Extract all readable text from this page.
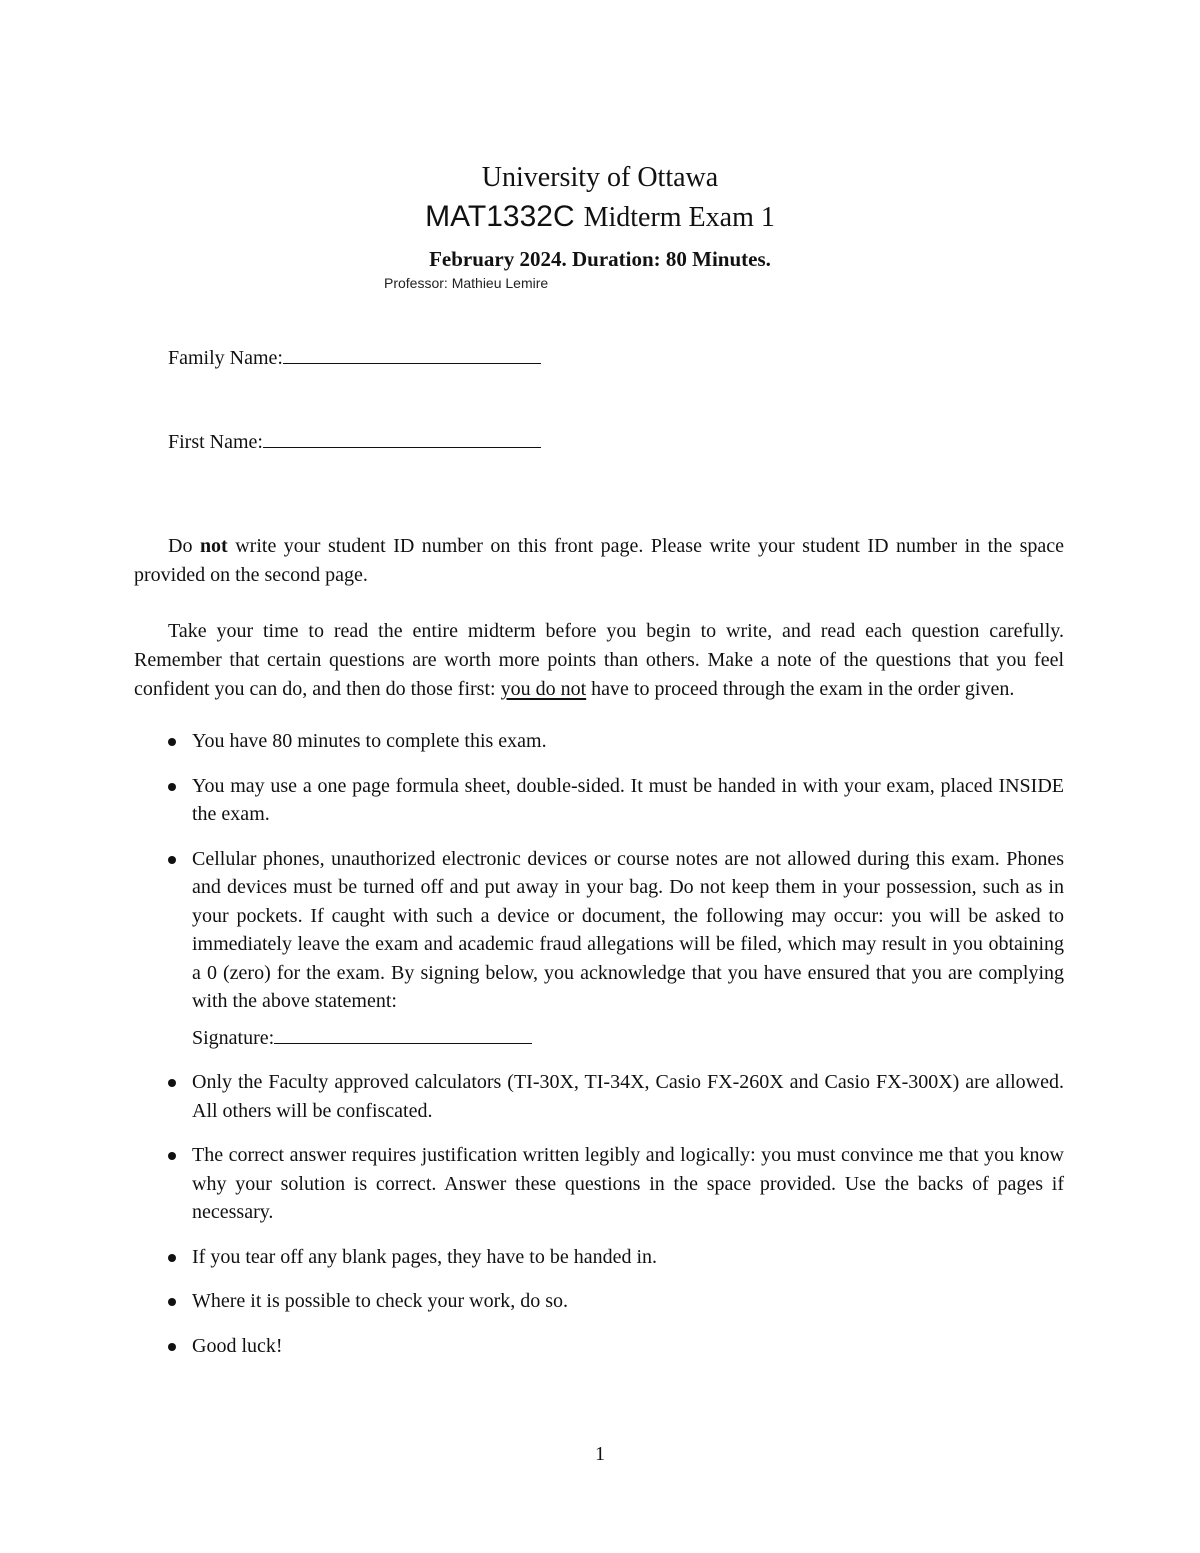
University of Ottawa
MAT1332C Midterm Exam 1
February 2024. Duration: 80 Minutes.
Professor: Mathieu Lemire
Family Name:
First Name:

Do not write your student ID number on this front page. Please write your student ID number in the space provided on the second page.

Take your time to read the entire midterm before you begin to write, and read each question carefully. Remember that certain questions are worth more points than others. Make a note of the questions that you feel confident you can do, and then do those first: you do not have to proceed through the exam in the order given.

You have 80 minutes to complete this exam.
You may use a one page formula sheet, double-sided. It must be handed in with your exam, placed INSIDE the exam.
Cellular phones, unauthorized electronic devices or course notes are not allowed during this exam. Phones and devices must be turned off and put away in your bag. Do not keep them in your possession, such as in your pockets. If caught with such a device or document, the following may occur: you will be asked to immediately leave the exam and academic fraud allegations will be filed, which may result in you obtaining a 0 (zero) for the exam. By signing below, you acknowledge that you have ensured that you are complying with the above statement:
Signature:
Only the Faculty approved calculators (TI-30X, TI-34X, Casio FX-260X and Casio FX-300X) are allowed. All others will be confiscated.
The correct answer requires justification written legibly and logically: you must convince me that you know why your solution is correct. Answer these questions in the space provided. Use the backs of pages if necessary.
If you tear off any blank pages, they have to be handed in.
Where it is possible to check your work, do so.
Good luck!
1
